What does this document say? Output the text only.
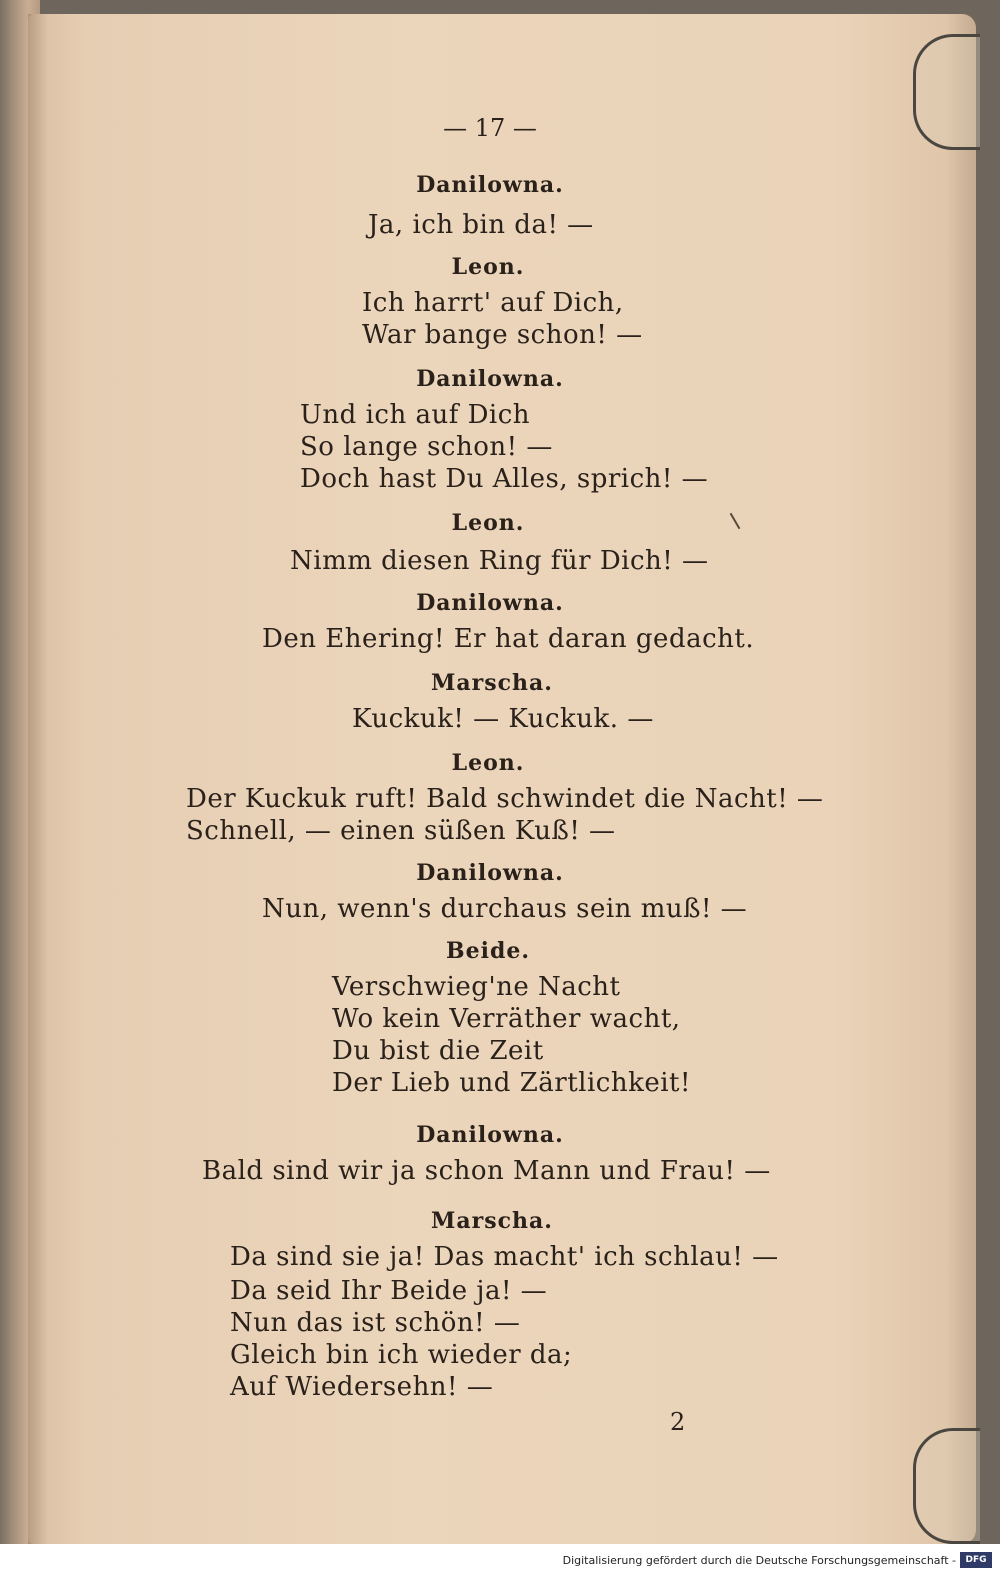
— 17 —
Danilowna.
Ja, ich bin da! —
Leon.
Ich harrt' auf Dich,
War bange schon! —
Danilowna.
Und ich auf Dich
So lange schon! —
Doch hast Du Alles, sprich! —
Leon.
Nimm diesen Ring für Dich! —
Danilowna.
Den Ehering! Er hat daran gedacht.
Marscha.
Kuckuk! — Kuckuk. —
Leon.
Der Kuckuk ruft! Bald schwindet die Nacht! —
Schnell, — einen süßen Kuß! —
Danilowna.
Nun, wenn's durchaus sein muß! —
Beide.
Verschwieg'ne Nacht
Wo kein Verräther wacht,
Du bist die Zeit
Der Lieb und Zärtlichkeit!
Danilowna.
Bald sind wir ja schon Mann und Frau! —
Marscha.
Da sind sie ja! Das macht' ich schlau! —
Da seid Ihr Beide ja! —
Nun das ist schön! —
Gleich bin ich wieder da;
Auf Wiedersehn! —
2
Digitalisierung gefördert durch die Deutsche Forschungsgemeinschaft -	DFG
